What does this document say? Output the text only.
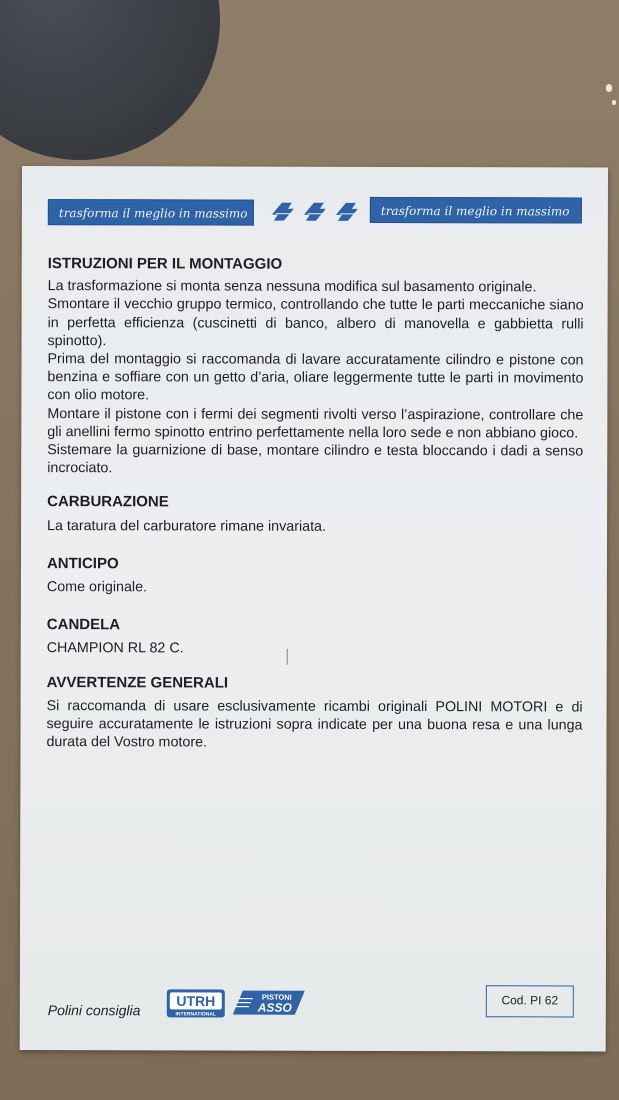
trasforma il meglio in massimo	trasforma il meglio in massimo
ISTRUZIONI PER IL MONTAGGIO

La trasformazione si monta senza nessuna modifica sul basamento originale.

Smontare il vecchio gruppo termico, controllando che tutte le parti meccaniche siano in perfetta efficienza (cuscinetti di banco, albero di manovella e gabbietta rulli spinotto).

Prima del montaggio si raccomanda di lavare accuratamente cilindro e pistone con benzina e soffiare con un getto d’aria, oliare leggermente tutte le parti in movimento con olio motore.

Montare il pistone con i fermi dei segmenti rivolti verso l’aspirazione, controllare che gli anellini fermo spinotto entrino perfettamente nella loro sede e non abbiano gioco.

Sistemare la guarnizione di base, montare cilindro e testa bloccando i dadi a senso incrociato.

CARBURAZIONE

La taratura del carburatore rimane invariata.

ANTICIPO

Come originale.

CANDELA

CHAMPION RL 82 C.

AVVERTENZE GENERALI

Si raccomanda di usare esclusivamente ricambi originali POLINI MOTORI e di seguire accuratamente le istruzioni sopra indicate per una buona resa e una lunga durata del Vostro motore.

Polini consiglia
UTRH
INTERNATIONAL
PISTONI
ASSO
Cod. PI 62
